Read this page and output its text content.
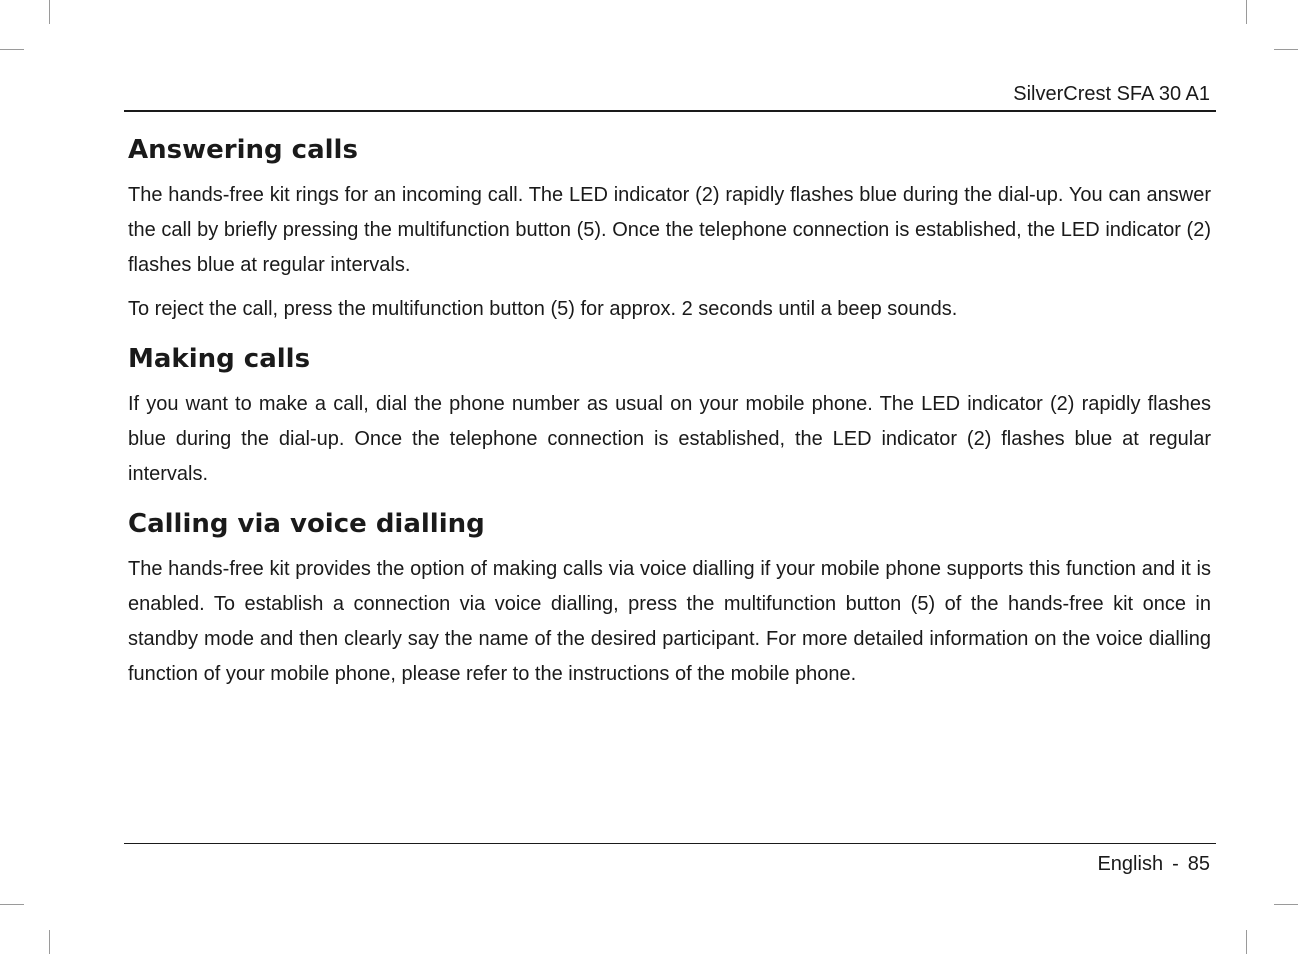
SilverCrest SFA 30 A1
Answering calls

The hands-free kit rings for an incoming call. The LED indicator (2) rapidly flashes blue during the dial-up. You can answer the call by briefly pressing the multifunction button (5). Once the telephone connection is established, the LED indicator (2) flashes blue at regular intervals.

To reject the call, press the multifunction button (5) for approx. 2 seconds until a beep sounds.

Making calls

If you want to make a call, dial the phone number as usual on your mobile phone. The LED indicator (2) rapidly flashes blue during the dial-up. Once the telephone connection is established, the LED indicator (2) flashes blue at regular intervals.

Calling via voice dialling

The hands-free kit provides the option of making calls via voice dialling if your mobile phone supports this function and it is enabled. To establish a connection via voice dialling, press the multifunction button (5) of the hands-free kit once in standby mode and then clearly say the name of the desired participant. For more detailed information on the voice dialling function of your mobile phone, please refer to the instructions of the mobile phone.

English - 85
